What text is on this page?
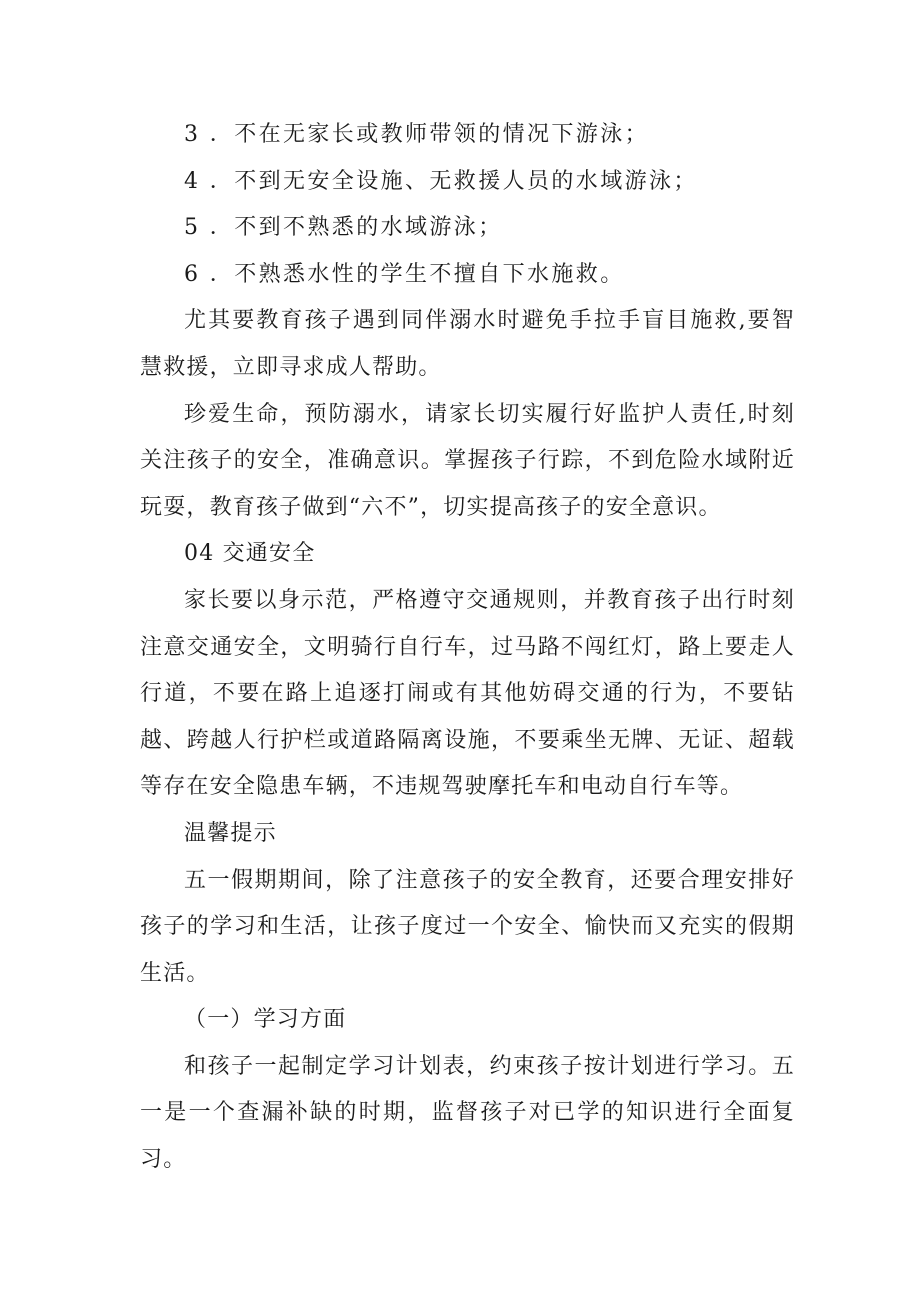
3 ．不在无家长或教师带领的情况下游泳；

4 ．不到无安全设施、无救援人员的水域游泳；

5 ．不到不熟悉的水域游泳；

6 ．不熟悉水性的学生不擅自下水施救。

尤其要教育孩子遇到同伴溺水时避免手拉手盲目施救,要智慧救援，立即寻求成人帮助。

珍爱生命，预防溺水，请家长切实履行好监护人责任,时刻关注孩子的安全，准确意识。掌握孩子行踪，不到危险水域附近玩耍，教育孩子做到“六不”，切实提高孩子的安全意识。

04 交通安全

家长要以身示范，严格遵守交通规则，并教育孩子出行时刻注意交通安全，文明骑行自行车，过马路不闯红灯，路上要走人行道，不要在路上追逐打闹或有其他妨碍交通的行为，不要钻越、跨越人行护栏或道路隔离设施，不要乘坐无牌、无证、超载等存在安全隐患车辆，不违规驾驶摩托车和电动自行车等。

温馨提示

五一假期期间，除了注意孩子的安全教育，还要合理安排好孩子的学习和生活，让孩子度过一个安全、愉快而又充实的假期生活。

（一）学习方面

和孩子一起制定学习计划表，约束孩子按计划进行学习。五一是一个查漏补缺的时期，监督孩子对已学的知识进行全面复习。
